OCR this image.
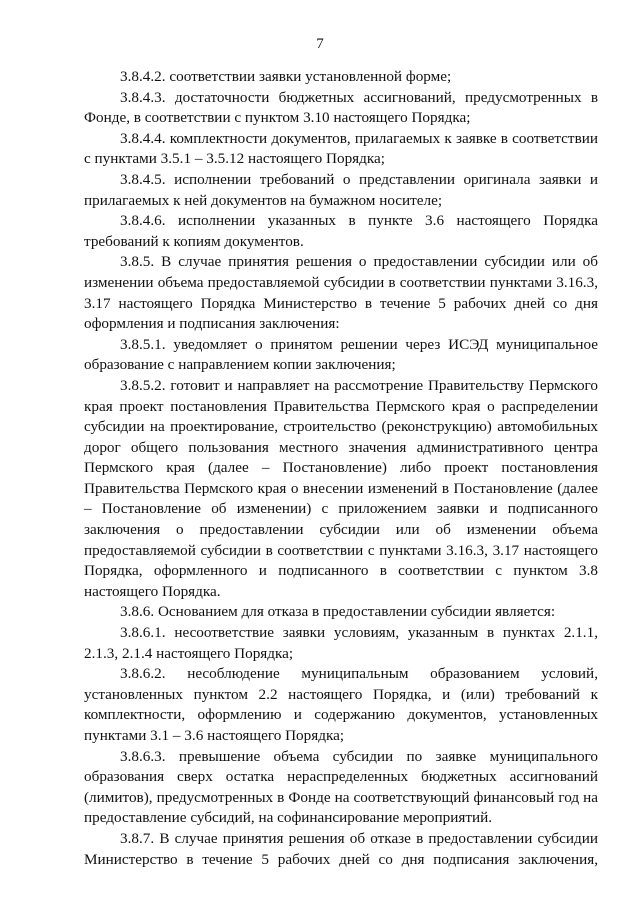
7

3.8.4.2. соответствии заявки установленной форме;

3.8.4.3. достаточности бюджетных ассигнований, предусмотренных в Фонде, в соответствии с пунктом 3.10 настоящего Порядка;

3.8.4.4. комплектности документов, прилагаемых к заявке в соответствии с пунктами 3.5.1 – 3.5.12 настоящего Порядка;

3.8.4.5. исполнении требований о представлении оригинала заявки и прилагаемых к ней документов на бумажном носителе;

3.8.4.6. исполнении указанных в пункте 3.6 настоящего Порядка требований к копиям документов.

3.8.5. В случае принятия решения о предоставлении субсидии или об изменении объема предоставляемой субсидии в соответствии пунктами 3.16.3, 3.17 настоящего Порядка Министерство в течение 5 рабочих дней со дня оформления и подписания заключения:

3.8.5.1. уведомляет о принятом решении через ИСЭД муниципальное образование с направлением копии заключения;

3.8.5.2. готовит и направляет на рассмотрение Правительству Пермского края проект постановления Правительства Пермского края о распределении субсидии на проектирование, строительство (реконструкцию) автомобильных дорог общего пользования местного значения административного центра Пермского края (далее – Постановление) либо проект постановления Правительства Пермского края о внесении изменений в Постановление (далее – Постановление об изменении) с приложением заявки и подписанного заключения о предоставлении субсидии или об изменении объема предоставляемой субсидии в соответствии с пунктами 3.16.3, 3.17 настоящего Порядка, оформленного и подписанного в соответствии с пунктом 3.8 настоящего Порядка.

3.8.6. Основанием для отказа в предоставлении субсидии является:

3.8.6.1. несоответствие заявки условиям, указанным в пунктах 2.1.1, 2.1.3, 2.1.4 настоящего Порядка;

3.8.6.2. несоблюдение муниципальным образованием условий, установленных пунктом 2.2 настоящего Порядка, и (или) требований к комплектности, оформлению и содержанию документов, установленных пунктами 3.1 – 3.6 настоящего Порядка;

3.8.6.3. превышение объема субсидии по заявке муниципального образования сверх остатка нераспределенных бюджетных ассигнований (лимитов), предусмотренных в Фонде на соответствующий финансовый год на предоставление субсидий, на софинансирование мероприятий.

3.8.7. В случае принятия решения об отказе в предоставлении субсидии Министерство в течение 5 рабочих дней со дня подписания заключения,
